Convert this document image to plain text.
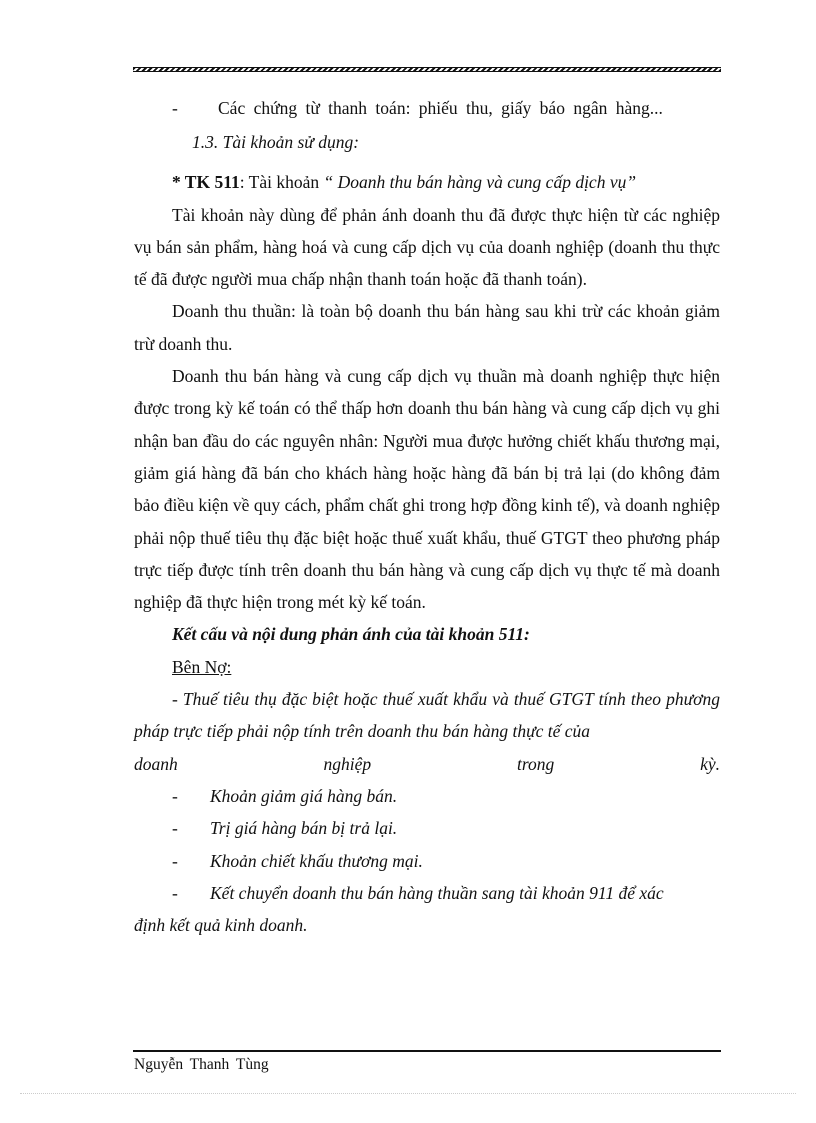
- Các chứng từ thanh toán: phiếu thu, giấy báo ngân hàng...

1.3. Tài khoản sử dụng:

* TK 511: Tài khoản “ Doanh thu bán hàng và cung cấp dịch vụ”

Tài khoản này dùng để phản ánh doanh thu đã được thực hiện từ các nghiệp vụ bán sản phẩm, hàng hoá và cung cấp dịch vụ của doanh nghiệp (doanh thu thực tế đã được người mua chấp nhận thanh toán hoặc đã thanh toán).

Doanh thu thuần: là toàn bộ doanh thu bán hàng sau khi trừ các khoản giảm trừ doanh thu.

Doanh thu bán hàng và cung cấp dịch vụ thuần mà doanh nghiệp thực hiện được trong kỳ kế toán có thể thấp hơn doanh thu bán hàng và cung cấp dịch vụ ghi nhận ban đầu do các nguyên nhân: Người mua được hưởng chiết khấu thương mại, giảm giá hàng đã bán cho khách hàng hoặc hàng đã bán bị trả lại (do không đảm bảo điều kiện về quy cách, phẩm chất ghi trong hợp đồng kinh tế), và doanh nghiệp phải nộp thuế tiêu thụ đặc biệt hoặc thuế xuất khẩu, thuế GTGT theo phương pháp trực tiếp được tính trên doanh thu bán hàng và cung cấp dịch vụ thực tế mà doanh nghiệp đã thực hiện trong mét kỳ kế toán.

Kết cấu và nội dung phản ánh của tài khoản 511:

Bên Nợ:

- Thuế tiêu thụ đặc biệt hoặc thuế xuất khẩu và thuế GTGT tính theo phương pháp trực tiếp phải nộp tính trên doanh thu bán hàng thực tế của

doanh	nghiệp	trong	kỳ.
-	Khoản giảm giá hàng bán.
-	Trị giá hàng bán bị trả lại.
-	Khoản chiết khấu thương mại.
-	Kết chuyển doanh thu bán hàng thuần sang tài khoản 911 để xác

định kết quả kinh doanh.

Nguyễn Thanh Tùng
